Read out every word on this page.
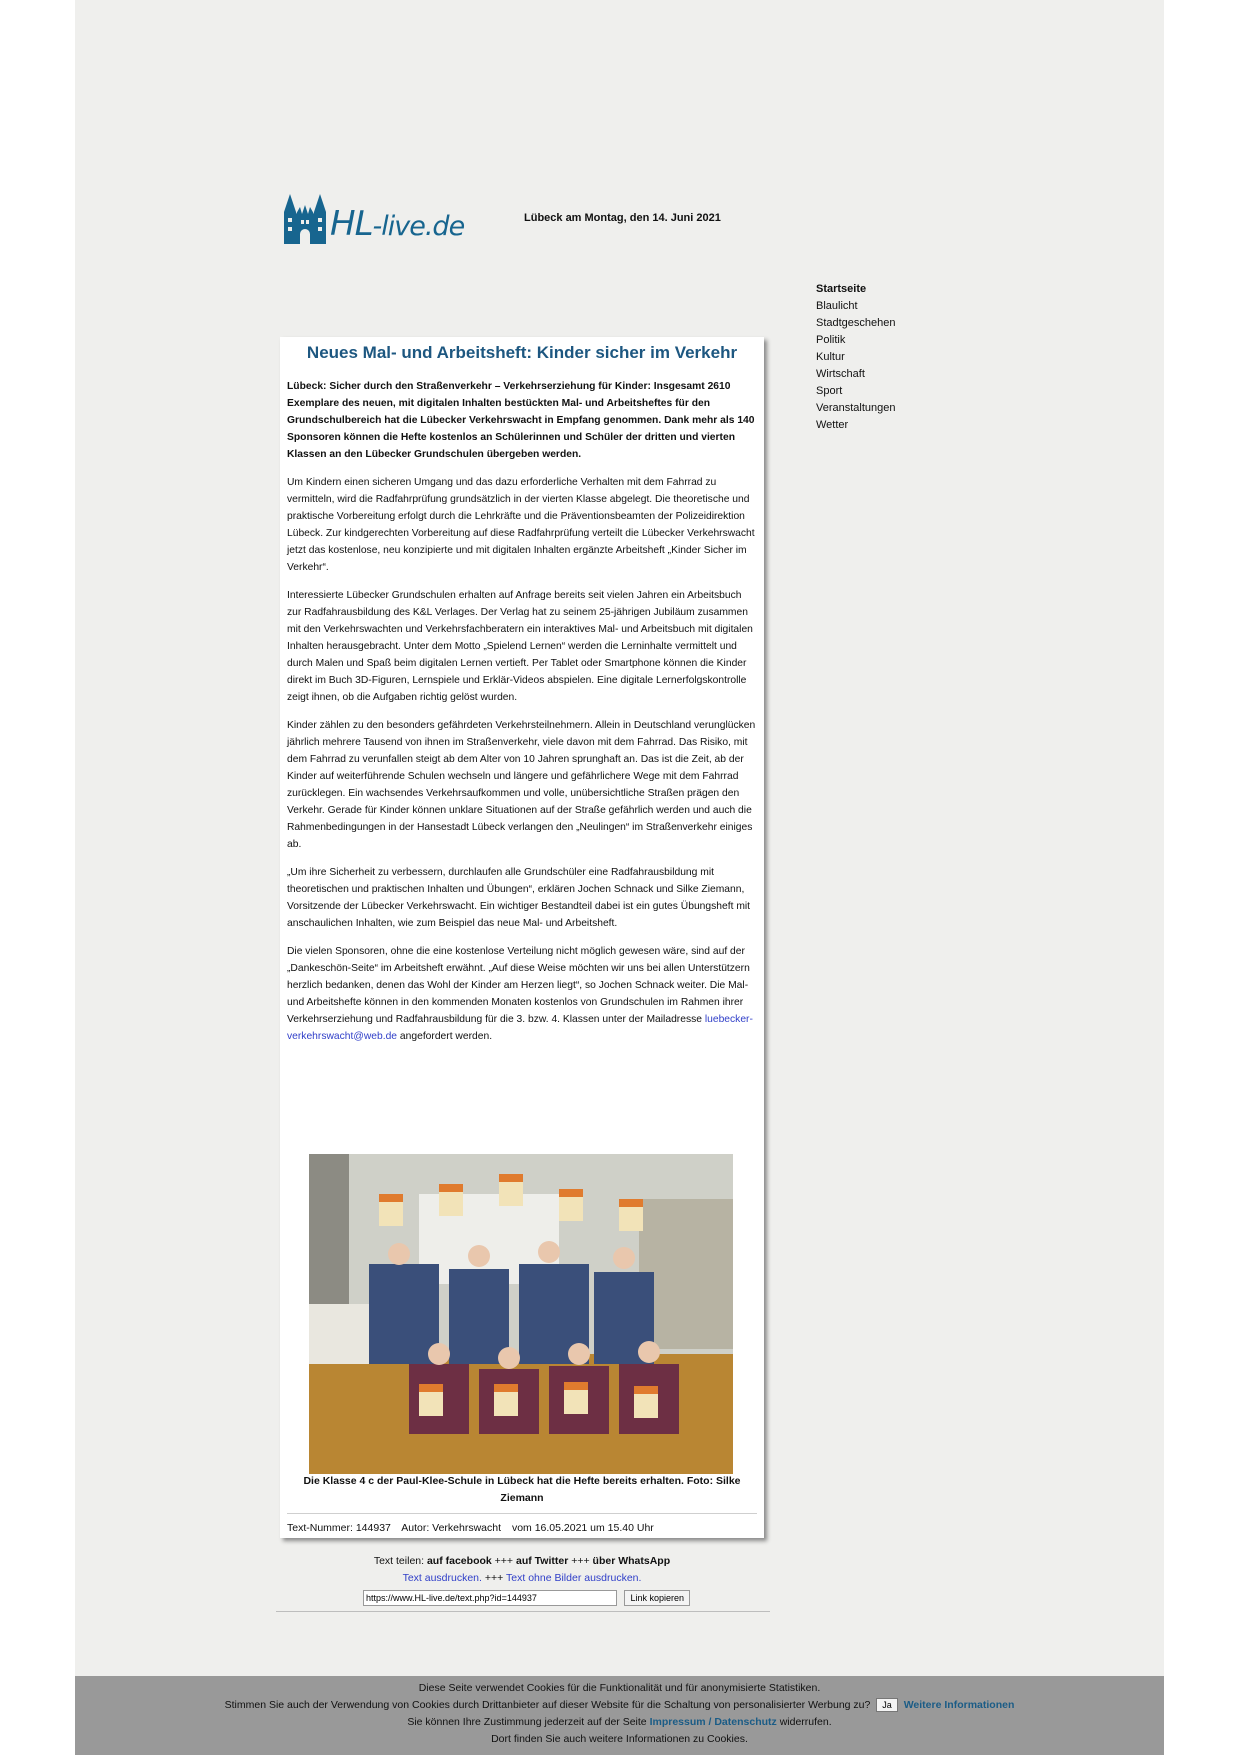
HL-live.de	Lübeck am Montag, den 14. Juni 2021
Startseite
Blaulicht
Stadtgeschehen
Politik
Kultur
Wirtschaft
Sport
Veranstaltungen
Wetter
Neues Mal- und Arbeitsheft: Kinder sicher im Verkehr

Lübeck: Sicher durch den Straßenverkehr – Verkehrserziehung für Kinder: Insgesamt 2610 Exemplare des neuen, mit digitalen Inhalten bestückten Mal- und Arbeitsheftes für den Grundschulbereich hat die Lübecker Verkehrswacht in Empfang genommen. Dank mehr als 140 Sponsoren können die Hefte kostenlos an Schülerinnen und Schüler der dritten und vierten Klassen an den Lübecker Grundschulen übergeben werden.

Um Kindern einen sicheren Umgang und das dazu erforderliche Verhalten mit dem Fahrrad zu vermitteln, wird die Radfahrprüfung grundsätzlich in der vierten Klasse abgelegt. Die theoretische und praktische Vorbereitung erfolgt durch die Lehrkräfte und die Präventionsbeamten der Polizeidirektion Lübeck. Zur kindgerechten Vorbereitung auf diese Radfahrprüfung verteilt die Lübecker Verkehrswacht jetzt das kostenlose, neu konzipierte und mit digitalen Inhalten ergänzte Arbeitsheft „Kinder Sicher im Verkehr“.

Interessierte Lübecker Grundschulen erhalten auf Anfrage bereits seit vielen Jahren ein Arbeitsbuch zur Radfahrausbildung des K&L Verlages. Der Verlag hat zu seinem 25-jährigen Jubiläum zusammen mit den Verkehrswachten und Verkehrsfachberatern ein interaktives Mal- und Arbeitsbuch mit digitalen Inhalten herausgebracht. Unter dem Motto „Spielend Lernen“ werden die Lerninhalte vermittelt und durch Malen und Spaß beim digitalen Lernen vertieft. Per Tablet oder Smartphone können die Kinder direkt im Buch 3D-Figuren, Lernspiele und Erklär-Videos abspielen. Eine digitale Lernerfolgskontrolle zeigt ihnen, ob die Aufgaben richtig gelöst wurden.

Kinder zählen zu den besonders gefährdeten Verkehrsteilnehmern. Allein in Deutschland verunglücken jährlich mehrere Tausend von ihnen im Straßenverkehr, viele davon mit dem Fahrrad. Das Risiko, mit dem Fahrrad zu verunfallen steigt ab dem Alter von 10 Jahren sprunghaft an. Das ist die Zeit, ab der Kinder auf weiterführende Schulen wechseln und längere und gefährlichere Wege mit dem Fahrrad zurücklegen. Ein wachsendes Verkehrsaufkommen und volle, unübersichtliche Straßen prägen den Verkehr. Gerade für Kinder können unklare Situationen auf der Straße gefährlich werden und auch die Rahmenbedingungen in der Hansestadt Lübeck verlangen den „Neulingen“ im Straßenverkehr einiges ab.

„Um ihre Sicherheit zu verbessern, durchlaufen alle Grundschüler eine Radfahrausbildung mit theoretischen und praktischen Inhalten und Übungen“, erklären Jochen Schnack und Silke Ziemann, Vorsitzende der Lübecker Verkehrswacht. Ein wichtiger Bestandteil dabei ist ein gutes Übungsheft mit anschaulichen Inhalten, wie zum Beispiel das neue Mal- und Arbeitsheft.

Die vielen Sponsoren, ohne die eine kostenlose Verteilung nicht möglich gewesen wäre, sind auf der „Dankeschön-Seite“ im Arbeitsheft erwähnt. „Auf diese Weise möchten wir uns bei allen Unterstützern herzlich bedanken, denen das Wohl der Kinder am Herzen liegt“, so Jochen Schnack weiter. Die Mal- und Arbeitshefte können in den kommenden Monaten kostenlos von Grundschulen im Rahmen ihrer Verkehrserziehung und Radfahrausbildung für die 3. bzw. 4. Klassen unter der Mailadresse luebecker-verkehrswacht@web.de angefordert werden.

Die Klasse 4 c der Paul-Klee-Schule in Lübeck hat die Hefte bereits erhalten. Foto: Silke Ziemann
Text-Nummer: 144937 Autor: Verkehrswacht vom 16.05.2021 um 15.40 Uhr
Text teilen: auf facebook +++ auf Twitter +++ über WhatsApp
Text ausdrucken. +++ Text ohne Bilder ausdrucken.
https://www.HL-live.de/text.php?id=144937 Link kopieren
Diese Seite verwendet Cookies für die Funktionalität und für anonymisierte Statistiken.
Stimmen Sie auch der Verwendung von Cookies durch Drittanbieter auf dieser Website für die Schaltung von personalisierter Werbung zu? Ja Weitere Informationen
Sie können Ihre Zustimmung jederzeit auf der Seite Impressum / Datenschutz widerrufen.
Dort finden Sie auch weitere Informationen zu Cookies.
